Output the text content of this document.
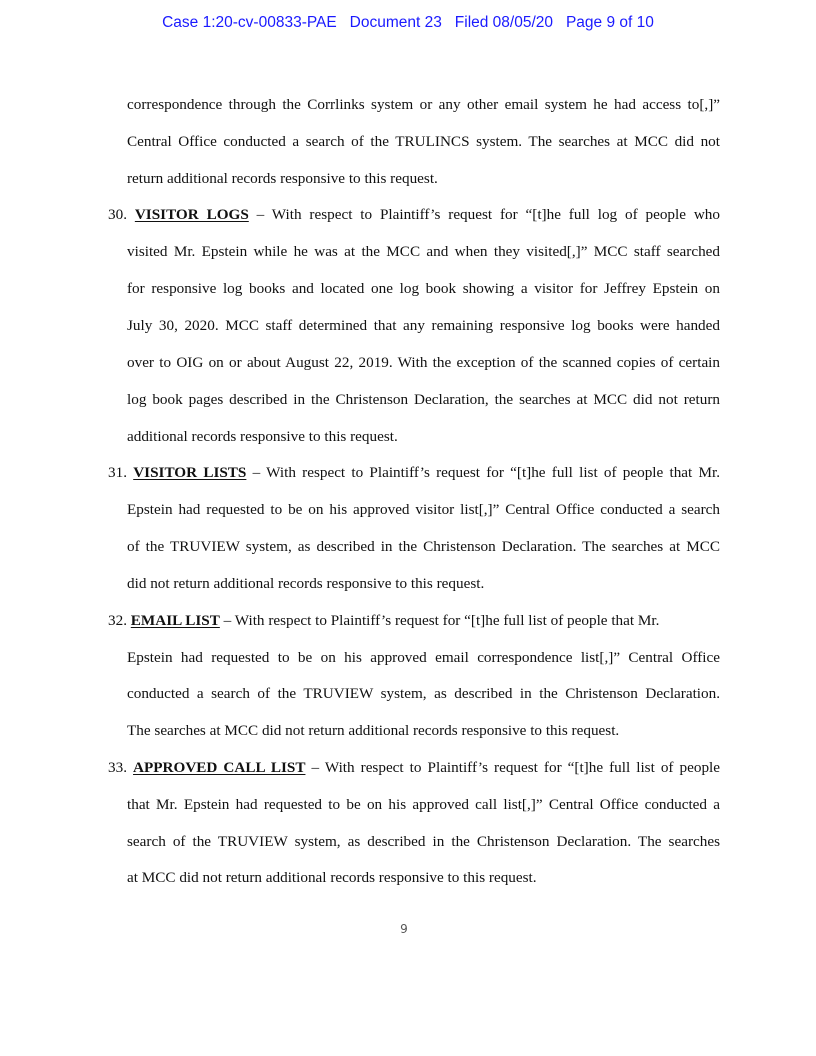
Case 1:20-cv-00833-PAE Document 23 Filed 08/05/20 Page 9 of 10
correspondence through the Corrlinks system or any other email system he had access to[,]”
Central Office conducted a search of the TRULINCS system. The searches at MCC did not
return additional records responsive to this request.
30. VISITOR LOGS – With respect to Plaintiff’s request for “[t]he full log of people who
visited Mr. Epstein while he was at the MCC and when they visited[,]” MCC staff searched
for responsive log books and located one log book showing a visitor for Jeffrey Epstein on
July 30, 2020. MCC staff determined that any remaining responsive log books were handed
over to OIG on or about August 22, 2019. With the exception of the scanned copies of certain
log book pages described in the Christenson Declaration, the searches at MCC did not return
additional records responsive to this request.
31. VISITOR LISTS – With respect to Plaintiff’s request for “[t]he full list of people that Mr.
Epstein had requested to be on his approved visitor list[,]” Central Office conducted a search
of the TRUVIEW system, as described in the Christenson Declaration. The searches at MCC
did not return additional records responsive to this request.
32. EMAIL LIST – With respect to Plaintiff’s request for “[t]he full list of people that Mr.
Epstein had requested to be on his approved email correspondence list[,]” Central Office
conducted a search of the TRUVIEW system, as described in the Christenson Declaration.
The searches at MCC did not return additional records responsive to this request.
33. APPROVED CALL LIST – With respect to Plaintiff’s request for “[t]he full list of people
that Mr. Epstein had requested to be on his approved call list[,]” Central Office conducted a
search of the TRUVIEW system, as described in the Christenson Declaration. The searches
at MCC did not return additional records responsive to this request.
9
